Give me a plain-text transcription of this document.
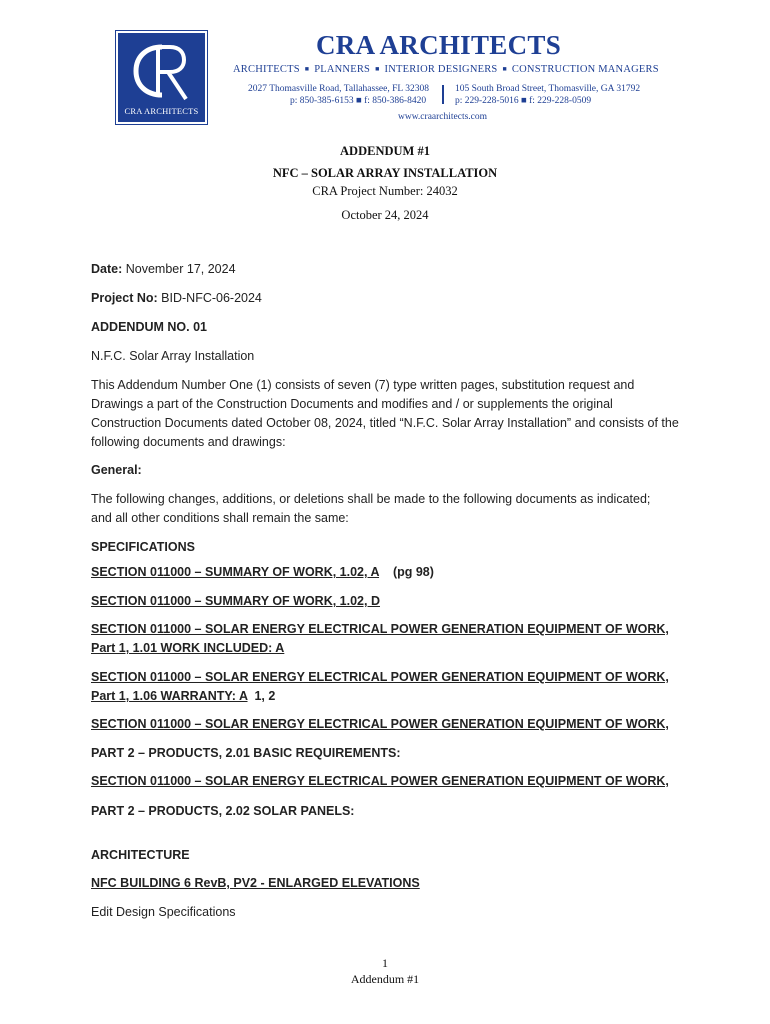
CRA ARCHITECTS
CRA ARCHITECTS
ARCHITECTS ■ PLANNERS ■ INTERIOR DESIGNERS ■ CONSTRUCTION MANAGERS
2027 Thomasville Road, Tallahassee, FL 32308
p: 850-385-6153 ■ f: 850-386-8420
105 South Broad Street, Thomasville, GA 31792
p: 229-228-5016 ■ f: 229-228-0509
www.craarchitects.com
ADDENDUM #1
NFC – SOLAR ARRAY INSTALLATION
CRA Project Number: 24032
October 24, 2024
Date: November 17, 2024
Project No: BID-NFC-06-2024
ADDENDUM NO. 01
N.F.C. Solar Array Installation
This Addendum Number One (1) consists of seven (7) type written pages, substitution request and Drawings a part of the Construction Documents and modifies and / or supplements the original Construction Documents dated October 08, 2024, titled “N.F.C. Solar Array Installation” and consists of the following documents and drawings:
General:
The following changes, additions, or deletions shall be made to the following documents as indicated; and all other conditions shall remain the same:
SPECIFICATIONS
SECTION 011000 – SUMMARY OF WORK, 1.02, A    (pg 98)
SECTION 011000 – SUMMARY OF WORK, 1.02, D
SECTION 011000 – SOLAR ENERGY ELECTRICAL POWER GENERATION EQUIPMENT OF WORK, Part 1, 1.01 WORK INCLUDED: A
SECTION 011000 – SOLAR ENERGY ELECTRICAL POWER GENERATION EQUIPMENT OF WORK, Part 1, 1.06 WARRANTY: A  1, 2
SECTION 011000 – SOLAR ENERGY ELECTRICAL POWER GENERATION EQUIPMENT OF WORK,
PART 2 – PRODUCTS, 2.01 BASIC REQUIREMENTS:
SECTION 011000 – SOLAR ENERGY ELECTRICAL POWER GENERATION EQUIPMENT OF WORK,
PART 2 – PRODUCTS, 2.02 SOLAR PANELS:
ARCHITECTURE
NFC BUILDING 6 RevB, PV2 - ENLARGED ELEVATIONS
Edit Design Specifications
1
Addendum #1
